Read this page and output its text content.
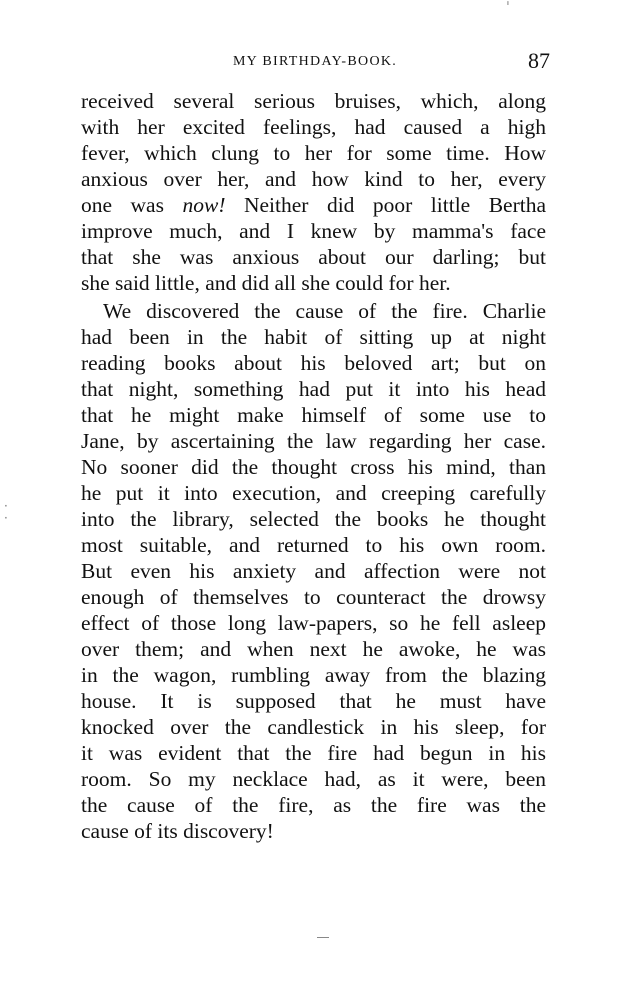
ˈ
·
·
MY BIRTHDAY-BOOK.	87
received several serious bruises, which, along
with her excited feelings, had caused a high
fever, which clung to her for some time. How
anxious over her, and how kind to her, every
one was now! Neither did poor little Bertha
improve much, and I knew by mamma's face
that she was anxious about our darling; but
she said little, and did all she could for her.
We discovered the cause of the fire. Charlie
had been in the habit of sitting up at night
reading books about his beloved art; but on
that night, something had put it into his head
that he might make himself of some use to
Jane, by ascertaining the law regarding her case.
No sooner did the thought cross his mind, than
he put it into execution, and creeping carefully
into the library, selected the books he thought
most suitable, and returned to his own room.
But even his anxiety and affection were not
enough of themselves to counteract the drowsy
effect of those long law-papers, so he fell asleep
over them; and when next he awoke, he was
in the wagon, rumbling away from the blazing
house. It is supposed that he must have
knocked over the candlestick in his sleep, for
it was evident that the fire had begun in his
room. So my necklace had, as it were, been
the cause of the fire, as the fire was the
cause of its discovery!
